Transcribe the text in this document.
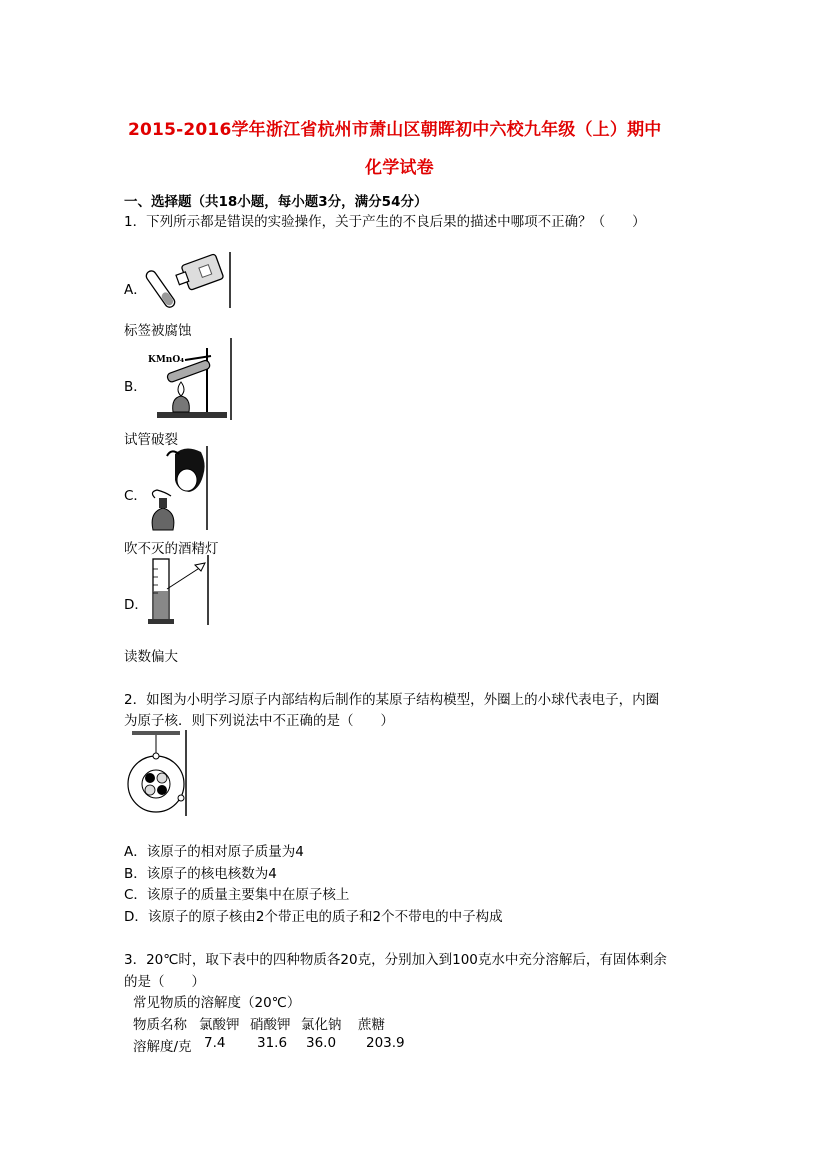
2015-2016学年浙江省杭州市萧山区朝晖初中六校九年级（上）期中
化学试卷
一、选择题（共18小题，每小题3分，满分54分）
1．下列所示都是错误的实验操作，关于产生的不良后果的描述中哪项不正确？（　　）
A．
标签被腐蚀
B．
KMnO₄
试管破裂
C．
吹不灭的酒精灯
D．
读数偏大
2．如图为小明学习原子内部结构后制作的某原子结构模型，外圈上的小球代表电子，内圈
为原子核．则下列说法中不正确的是（　　）
A．该原子的相对原子质量为4
B．该原子的核电核数为4
C．该原子的质量主要集中在原子核上
D．该原子的原子核由2个带正电的质子和2个不带电的中子构成
3．20℃时，取下表中的四种物质各20克，分别加入到100克水中充分溶解后，有固体剩余
的是（　　）
常见物质的溶解度（20℃）
物质名称 氯酸钾 硝酸钾 氯化钠 蔗糖
溶解度/克 7.4 31.6 36.0 203.9
